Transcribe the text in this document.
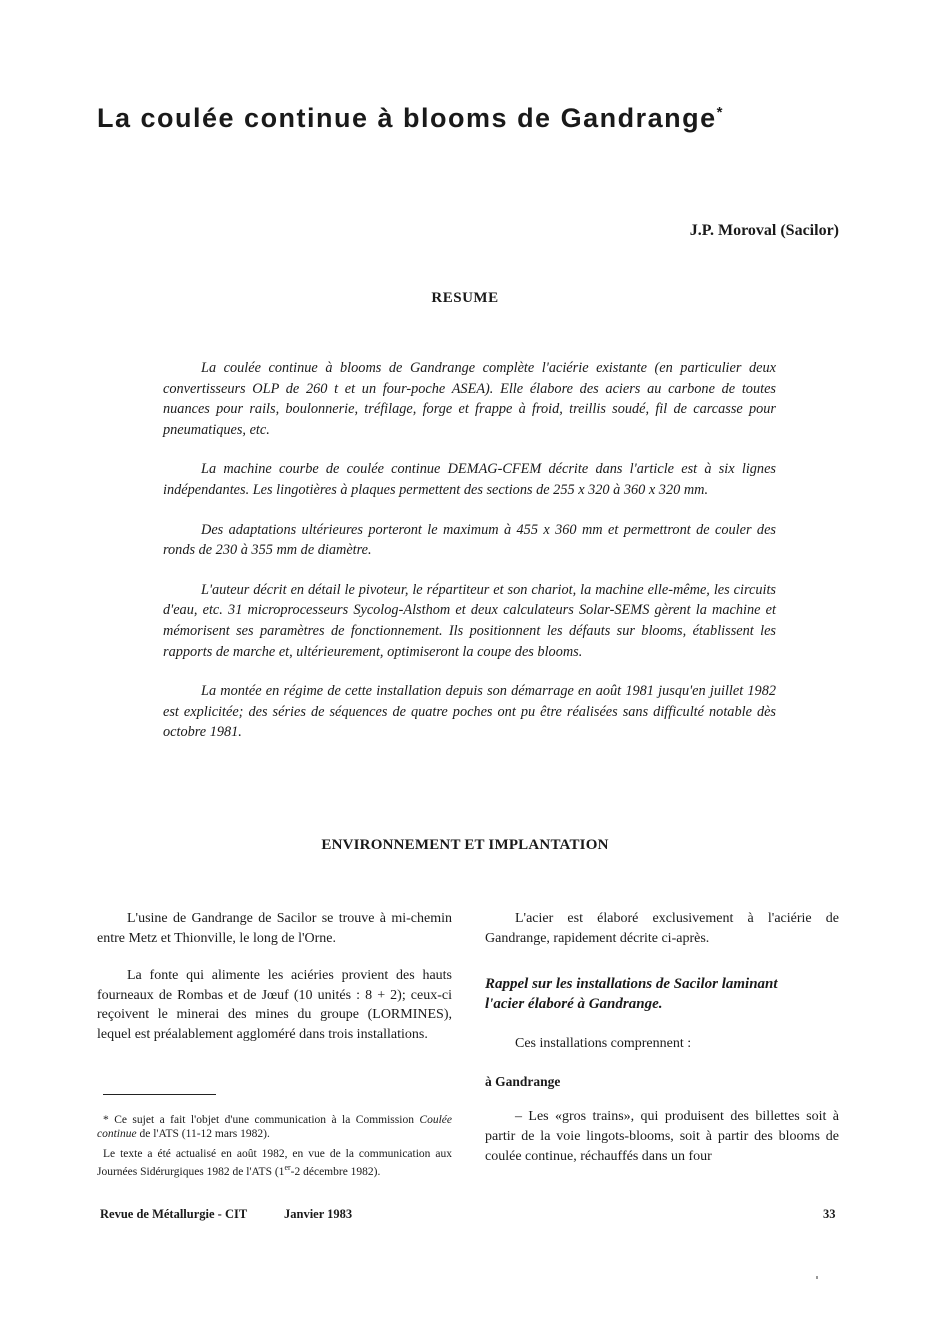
La coulée continue à blooms de Gandrange*
J.P. Moroval (Sacilor)
RESUME

La coulée continue à blooms de Gandrange complète l'aciérie existante (en particulier deux convertisseurs OLP de 260 t et un four-poche ASEA). Elle élabore des aciers au carbone de toutes nuances pour rails, boulonnerie, tréfilage, forge et frappe à froid, treillis soudé, fil de carcasse pour pneumatiques, etc.

La machine courbe de coulée continue DEMAG-CFEM décrite dans l'article est à six lignes indépendantes. Les lingotières à plaques permettent des sections de 255 x 320 à 360 x 320 mm.

Des adaptations ultérieures porteront le maximum à 455 x 360 mm et permettront de couler des ronds de 230 à 355 mm de diamètre.

L'auteur décrit en détail le pivoteur, le répartiteur et son chariot, la machine elle-même, les circuits d'eau, etc. 31 microprocesseurs Sycolog-Alsthom et deux calculateurs Solar-SEMS gèrent la machine et mémorisent ses paramètres de fonctionnement. Ils positionnent les défauts sur blooms, établissent les rapports de marche et, ultérieurement, optimiseront la coupe des blooms.

La montée en régime de cette installation depuis son démarrage en août 1981 jusqu'en juillet 1982 est explicitée; des séries de séquences de quatre poches ont pu être réalisées sans difficulté notable dès octobre 1981.

ENVIRONNEMENT ET IMPLANTATION

L'usine de Gandrange de Sacilor se trouve à mi-chemin entre Metz et Thionville, le long de l'Orne.

La fonte qui alimente les aciéries provient des hauts fourneaux de Rombas et de Jœuf (10 unités : 8 + 2); ceux-ci reçoivent le minerai des mines du groupe (LORMINES), lequel est préalablement aggloméré dans trois installations.

L'acier est élaboré exclusivement à l'aciérie de Gandrange, rapidement décrite ci-après.

Rappel sur les installations de Sacilor laminant

l'acier élaboré à Gandrange.

Ces installations comprennent :

à Gandrange

– Les «gros trains», qui produisent des billettes soit à partir de la voie lingots-blooms, soit à partir des blooms de coulée continue, réchauffés dans un four

* Ce sujet a fait l'objet d'une communication à la Commission Coulée continue de l'ATS (11-12 mars 1982).

Le texte a été actualisé en août 1982, en vue de la communication aux Journées Sidérurgiques 1982 de l'ATS (1er-2 décembre 1982).

Revue de Métallurgie - CIT	Janvier 1983	33
